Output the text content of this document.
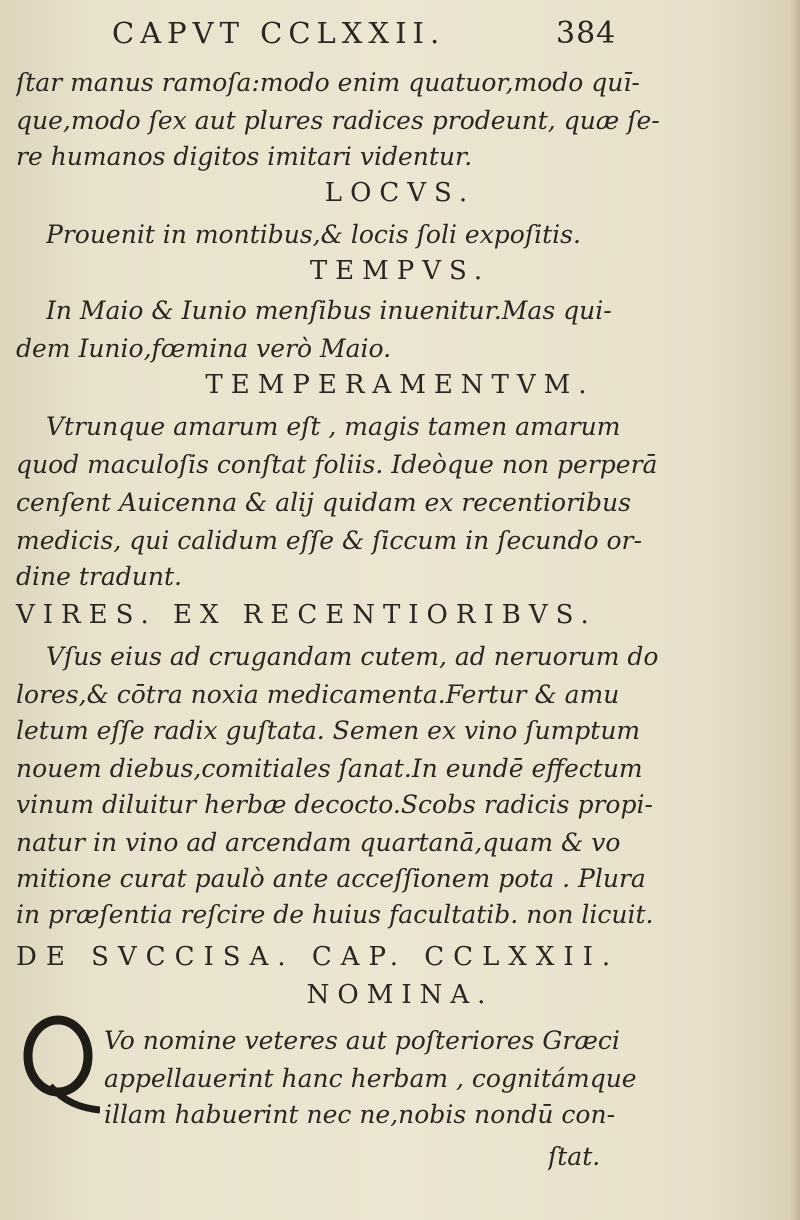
CAPVT CCLXXII.	384
ſtar manus ramoſa:modo enim quatuor,modo quī-
que,modo ſex aut plures radices prodeunt, quæ ſe-
re humanos digitos imitari videntur.
LOCVS.
Prouenit in montibus,& locis ſoli expoſitis.
TEMPVS.
In Maio & Iunio menſibus inuenitur.Mas qui-
dem Iunio,fœmina verò Maio.
TEMPERAMENTVM.
Vtrunque amarum eſt , magis tamen amarum
quod maculoſis conſtat foliis. Ideòque non perperā
cenſent Auicenna & alij quidam ex recentioribus
medicis, qui calidum eſſe & ſiccum in ſecundo or-
dine tradunt.
VIRES. EX RECENTIORIBVS.
Vſus eius ad crugandam cutem, ad neruorum do
lores,& cōtra noxia medicamenta.Fertur & amu
letum eſſe radix guſtata. Semen ex vino ſumptum
nouem diebus,comitiales ſanat.In eundē effectum
vinum diluitur herbæ decocto.Scobs radicis propi-
natur in vino ad arcendam quartanā,quam & vo
mitione curat paulò ante acceſſionem pota . Plura
in præſentia reſcire de huius facultatib. non licuit.
DE SVCCISA. CAP. CCLXXII.
NOMINA.
Vo nomine veteres aut poſteriores Græci
appellauerint hanc herbam , cognitámque
illam habuerint nec ne,nobis nondū con-
ſtat.
